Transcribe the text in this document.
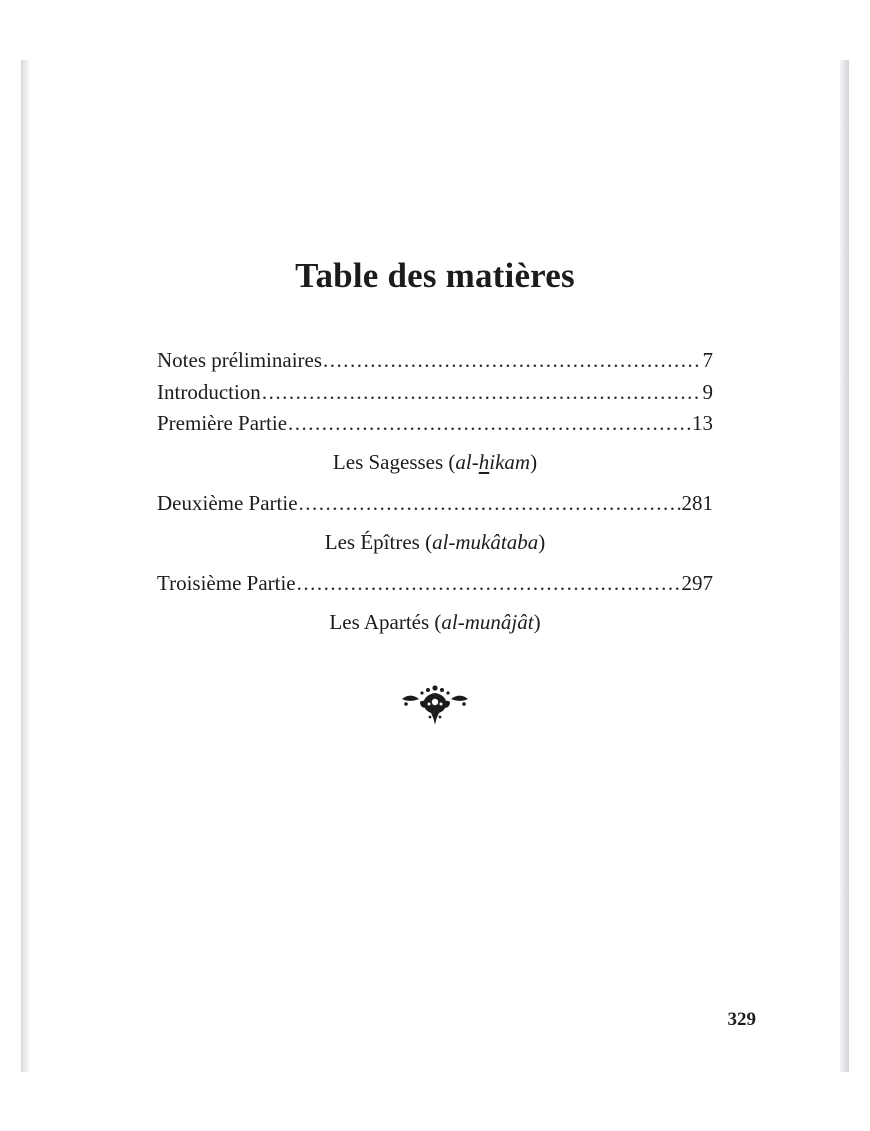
Table des matières
Notes préliminaires .....	7
Introduction .....	9
Première Partie .....	13
Les Sagesses (al-hikam)
Deuxième Partie .....	281
Les Épîtres (al-mukâtaba)
Troisième Partie .....	297
Les Apartés (al-munâjât)
329
